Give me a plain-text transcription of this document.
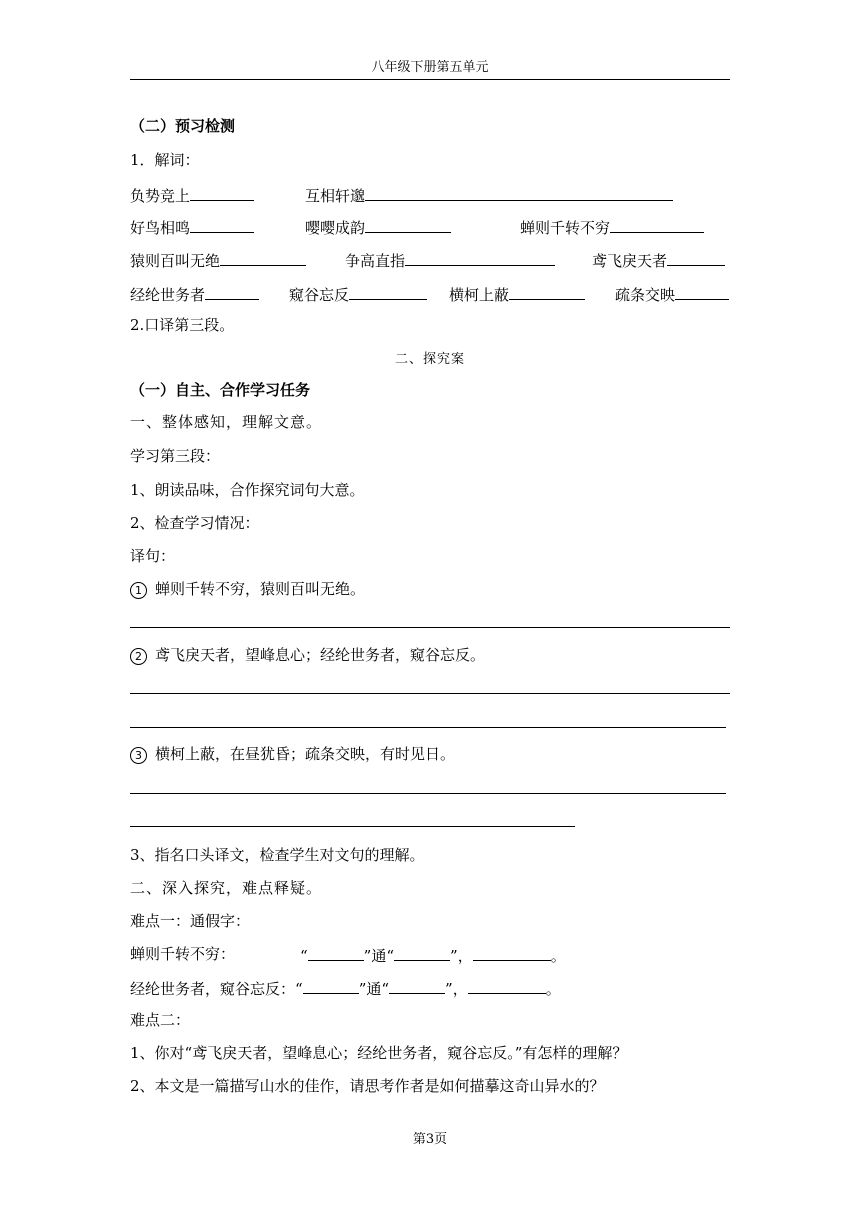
八年级下册第五单元
（二）预习检测
1．解词：
负势竞上	互相轩邈
好鸟相鸣	嘤嘤成韵	蝉则千转不穷
猿则百叫无绝	争高直指	鸢飞戾天者
经纶世务者	窥谷忘反	横柯上蔽	疏条交映
2.口译第三段。
二、探究案
（一）自主、合作学习任务
一、整体感知，理解文意。
学习第三段：
1、朗读品味，合作探究词句大意。
2、检查学习情况：
译句：
1 蝉则千转不穷，猿则百叫无绝。
2 鸢飞戾天者，望峰息心；经纶世务者，窥谷忘反。
3 横柯上蔽，在昼犹昏；疏条交映，有时见日。
3、指名口头译文，检查学生对文句的理解。
二、深入探究，难点释疑。
难点一：通假字：
蝉则千转不穷：	“	”通“	”，	。
经纶世务者，窥谷忘反：“	”通“	”，	。
难点二：
1、你对“鸢飞戾天者，望峰息心；经纶世务者，窥谷忘反。”有怎样的理解？
2、本文是一篇描写山水的佳作，请思考作者是如何描摹这奇山异水的？
第3页
